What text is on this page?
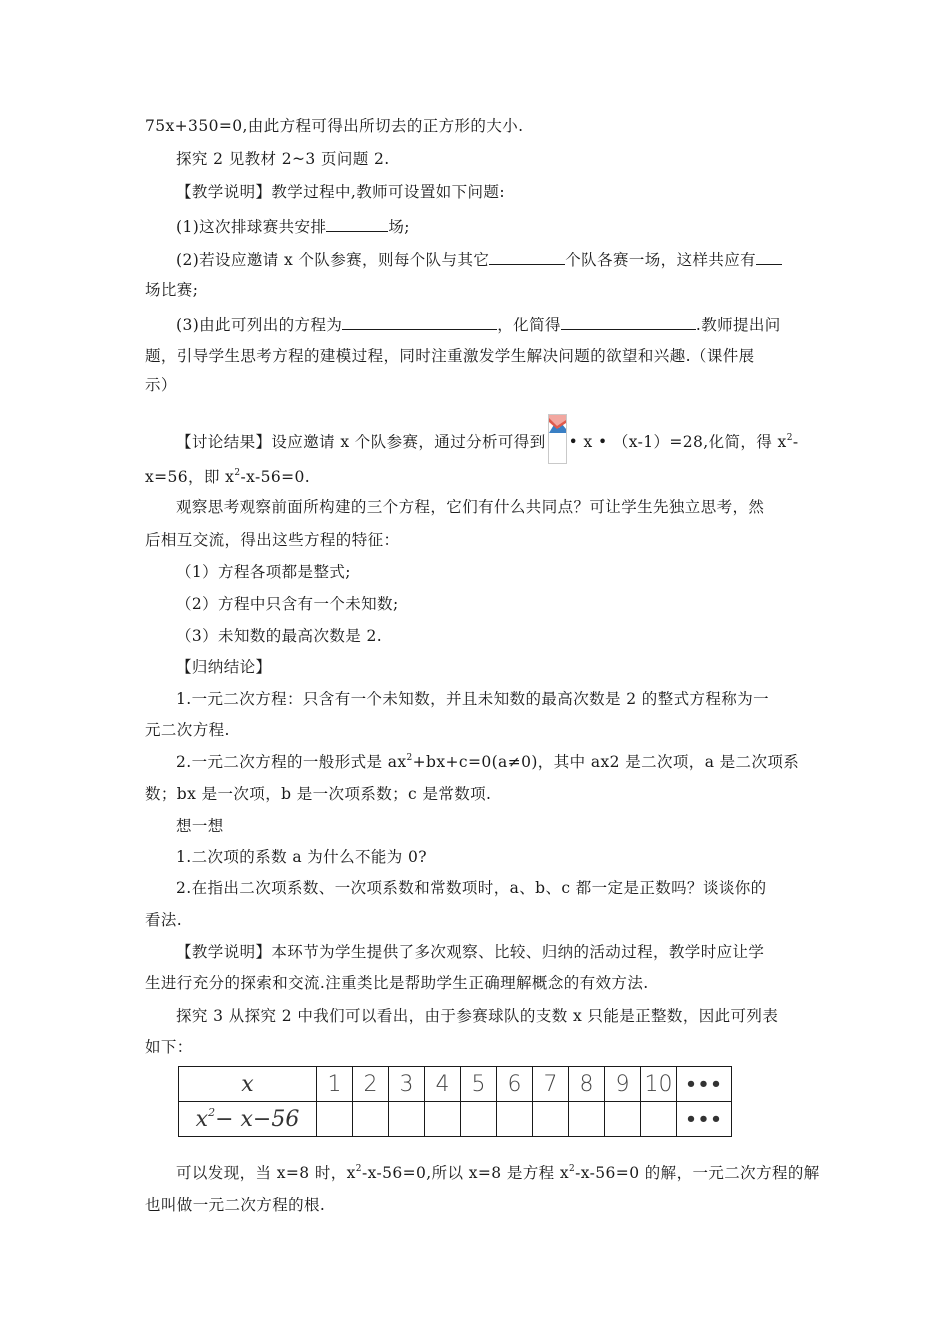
75x+350=0,由此方程可得出所切去的正方形的大小.
探究 2 见教材 2~3 页问题 2.
【教学说明】教学过程中,教师可设置如下问题:
(1)这次排球赛共安排	场;
(2)若设应邀请 x 个队参赛，则每个队与其它	个队各赛一场，这样共应有
场比赛;
(3)由此可列出的方程为	，化简得	.教师提出问
题，引导学生思考方程的建模过程，同时注重激发学生解决问题的欲望和兴趣.（课件展
示）
【讨论结果】设应邀请 x 个队参赛，通过分析可得到 • x • （x-1）=28,化简，得 $x^2-$
x=56，即 $x^2-x-56=0$.
观察思考观察前面所构建的三个方程，它们有什么共同点？可让学生先独立思考，然
后相互交流，得出这些方程的特征：
（1）方程各项都是整式;
（2）方程中只含有一个未知数;
（3）未知数的最高次数是 2.
【归纳结论】
1.一元二次方程：只含有一个未知数，并且未知数的最高次数是 2 的整式方程称为一
元二次方程.
2.一元二次方程的一般形式是 $ax^2+bx+c=0(a\ne 0)$，其中 ax2 是二次项，a 是二次项系
数；bx 是一次项，b 是一次项系数；c 是常数项.
想一想
1.二次项的系数 a 为什么不能为 0?
2.在指出二次项系数、一次项系数和常数项时，a、b、c 都一定是正数吗？谈谈你的
看法.
【教学说明】本环节为学生提供了多次观察、比较、归纳的活动过程，教学时应让学
生进行充分的探索和交流.注重类比是帮助学生正确理解概念的有效方法.
探究 3 从探究 2 中我们可以看出，由于参赛球队的支数 x 只能是正整数，因此可列表
如下：
x	1	2	3	4	5	6	7	8	9	10	•••
$x^2- x-56$											•••
可以发现，当 x=8 时，$x^2-x-56=0$,所以 x=8 是方程 $x^2-x-56=0$ 的解，一元二次方程的解
也叫做一元二次方程的根.
